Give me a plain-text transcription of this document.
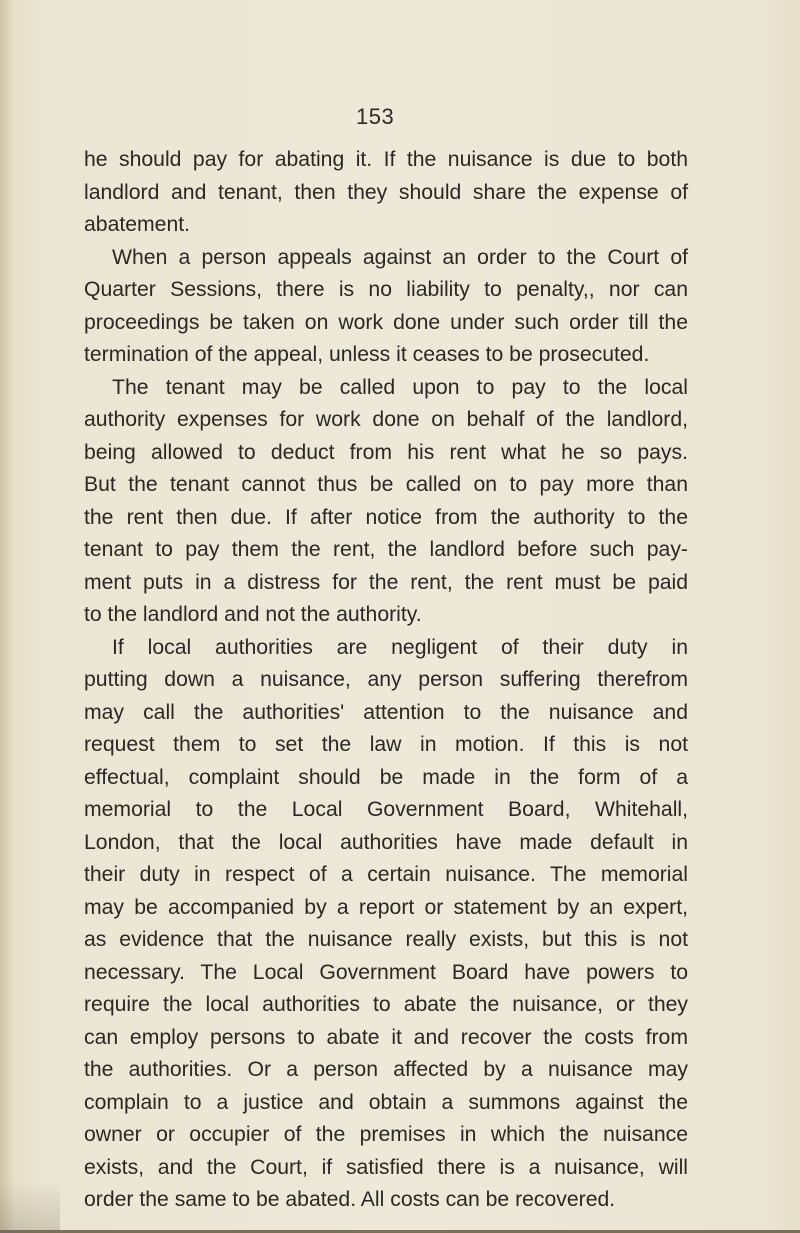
153
he should pay for abating it. If the nuisance is due to both
landlord and tenant, then they should share the expense of
abatement.
When a person appeals against an order to the Court of
Quarter Sessions, there is no liability to penalty,, nor can
proceedings be taken on work done under such order till the
termination of the appeal, unless it ceases to be prosecuted.
The tenant may be called upon to pay to the local
authority expenses for work done on behalf of the landlord,
being allowed to deduct from his rent what he so pays.
But the tenant cannot thus be called on to pay more than
the rent then due. If after notice from the authority to the
tenant to pay them the rent, the landlord before such pay-
ment puts in a distress for the rent, the rent must be paid
to the landlord and not the authority.
If local authorities are negligent of their duty in
putting down a nuisance, any person suffering therefrom
may call the authorities' attention to the nuisance and
request them to set the law in motion. If this is not
effectual, complaint should be made in the form of a
memorial to the Local Government Board, Whitehall,
London, that the local authorities have made default in
their duty in respect of a certain nuisance. The memorial
may be accompanied by a report or statement by an expert,
as evidence that the nuisance really exists, but this is not
necessary. The Local Government Board have powers to
require the local authorities to abate the nuisance, or they
can employ persons to abate it and recover the costs from
the authorities. Or a person affected by a nuisance may
complain to a justice and obtain a summons against the
owner or occupier of the premises in which the nuisance
exists, and the Court, if satisfied there is a nuisance, will
order the same to be abated. All costs can be recovered.
